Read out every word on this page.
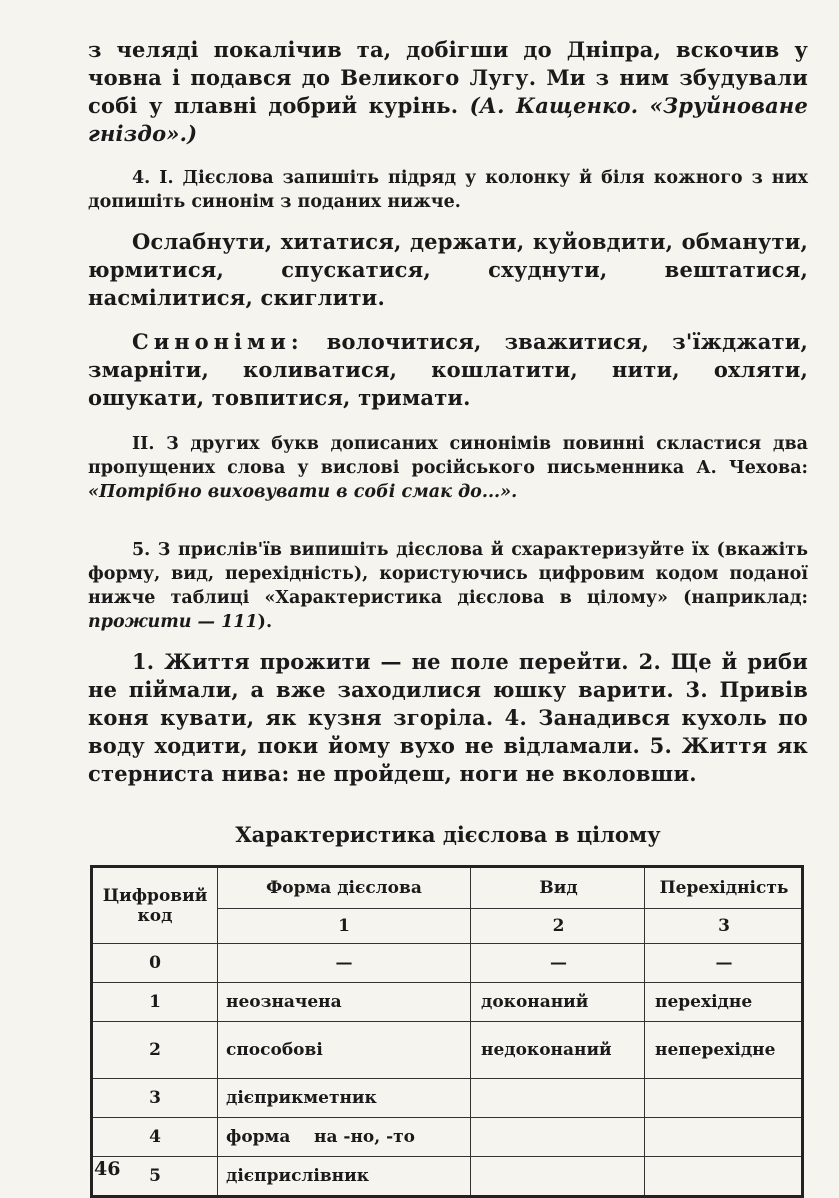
з челяді покалічив та, добігши до Дніпра, вскочив у човна і подався до Великого Лугу. Ми з ним збудували собі у плавні добрий курінь. (А. Кащенко. «Зруйноване гніздо».)

4. І. Дієслова запишіть підряд у колонку й біля кожного з них допишіть синонім з поданих нижче.

Ослабнути, хитатися, держати, куйовдити, обманути, юрмитися, спускатися, схуднути, вештатися, насмілитися, скиглити.

Синоніми: волочитися, зважитися, з'їжджати, змарніти, коливатися, кошлатити, нити, охляти, ошукати, товпитися, тримати.

ІІ. З других букв дописаних синонімів повинні скластися два пропущених слова у вислові російського письменника А. Чехова: «Потрібно виховувати в собі смак до...».

5. З прислів'їв випишіть дієслова й схарактеризуйте їх (вкажіть форму, вид, перехідність), користуючись цифровим кодом поданої нижче таблиці «Характеристика дієслова в цілому» (наприклад: прожити — 111).

1. Життя прожити — не поле перейти. 2. Ще й риби не піймали, а вже заходилися юшку варити. 3. Привів коня кувати, як кузня згоріла. 4. Занадився кухоль по воду ходити, поки йому вухо не відламали. 5. Життя як стерниста нива: не пройдеш, ноги не вколовши.

Характеристика дієслова в цілому
Цифровий код	Форма дієслова	Вид	Перехідність
	1	2	3
0	—	—	—
1	неозначена	доконаний	перехідне
2	способові	недоконаний	неперехідне
3	дієприкметник		
4	форма    на -но, -то		
5	дієприслівник		
46
